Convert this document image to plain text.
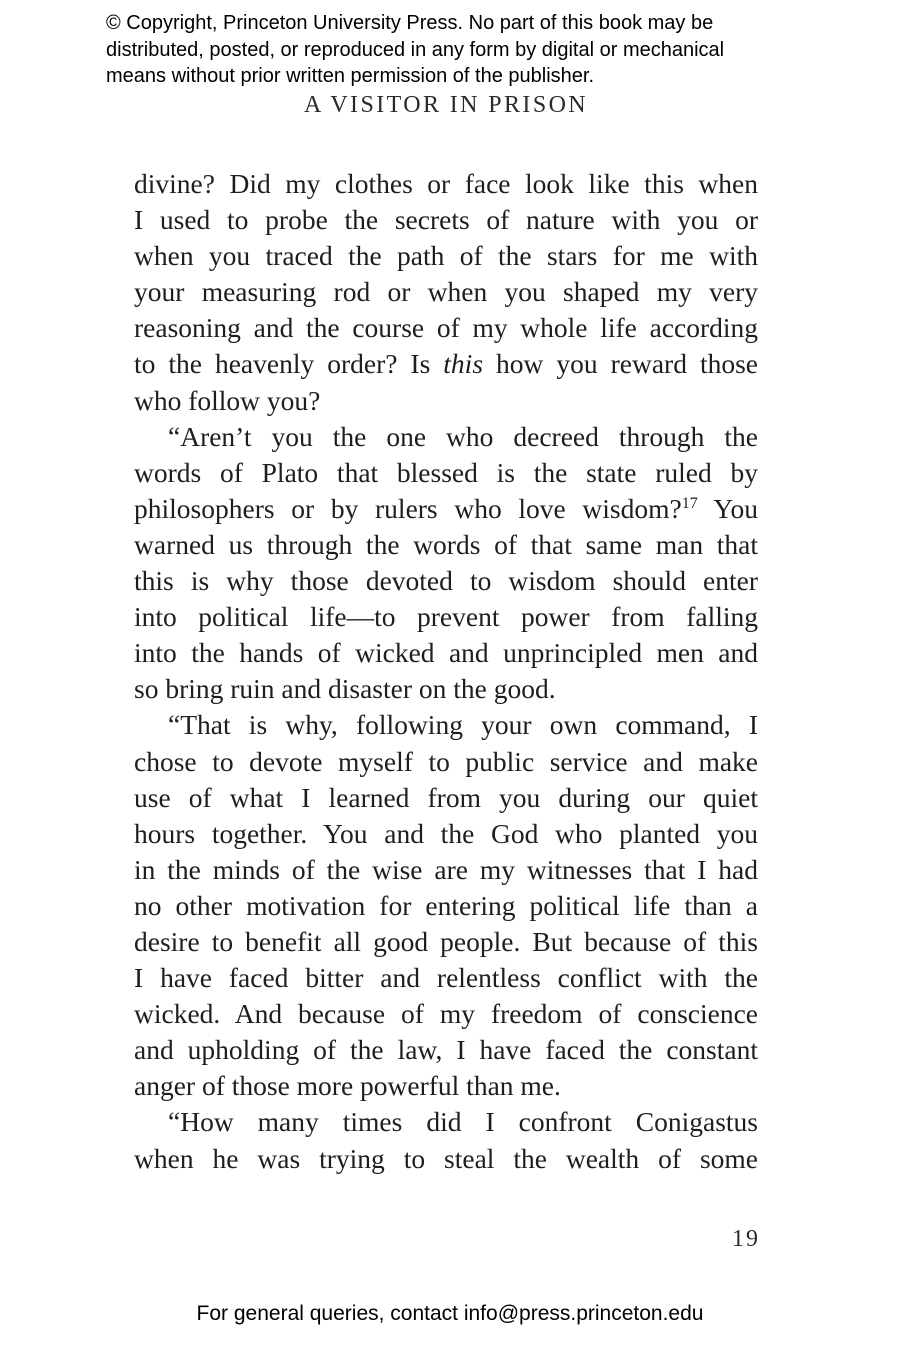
© Copyright, Princeton University Press. No part of this book may be
distributed, posted, or reproduced in any form by digital or mechanical
means without prior written permission of the publisher.
A VISITOR IN PRISON
divine? Did my clothes or face look like this when
I used to probe the secrets of nature with you or
when you traced the path of the stars for me with
your measuring rod or when you shaped my very
reasoning and the course of my whole life according
to the heavenly order? Is this how you reward those
who follow you?
“Aren’t you the one who decreed through the
words of Plato that blessed is the state ruled by
philosophers or by rulers who love wisdom?$^{17}$ You
warned us through the words of that same man that
this is why those devoted to wisdom should enter
into political life—to prevent power from falling
into the hands of wicked and unprincipled men and
so bring ruin and disaster on the good.
“That is why, following your own command, I
chose to devote myself to public service and make
use of what I learned from you during our quiet
hours together. You and the God who planted you
in the minds of the wise are my witnesses that I had
no other motivation for entering political life than a
desire to benefit all good people. But because of this
I have faced bitter and relentless conflict with the
wicked. And because of my freedom of conscience
and upholding of the law, I have faced the constant
anger of those more powerful than me.
“How many times did I confront Conigastus
when he was trying to steal the wealth of some
19
For general queries, contact info@press.princeton.edu
